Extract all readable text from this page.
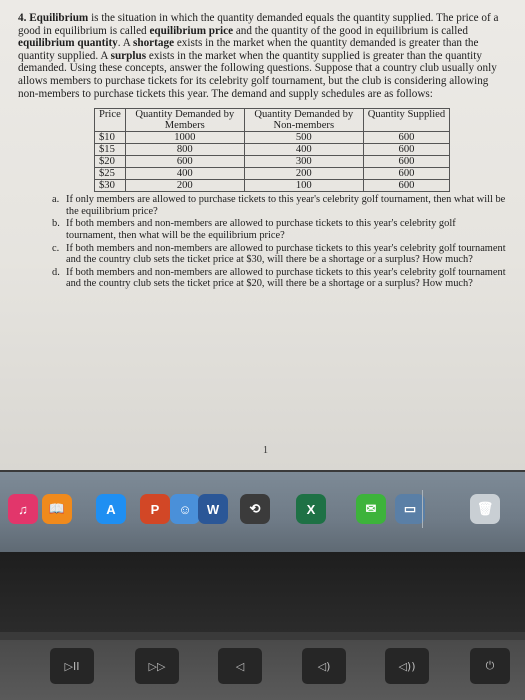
4. Equilibrium is the situation in which the quantity demanded equals the quantity supplied. The price of a good in equilibrium is called equilibrium price and the quantity of the good in equilibrium is called equilibrium quantity. A shortage exists in the market when the quantity demanded is greater than the quantity supplied. A surplus exists in the market when the quantity supplied is greater than the quantity demanded. Using these concepts, answer the following questions. Suppose that a country club usually only allows members to purchase tickets for its celebrity golf tournament, but the club is considering allowing non-members to purchase tickets this year. The demand and supply schedules are as follows:

Price	Quantity Demanded by Members	Quantity Demanded by Non-members	Quantity Supplied
$10	1000	500	600
$15	800	400	600
$20	600	300	600
$25	400	200	600
$30	200	100	600
a. If only members are allowed to purchase tickets to this year's celebrity golf tournament, then what will be the equilibrium price?
b. If both members and non-members are allowed to purchase tickets to this year's celebrity golf tournament, then what will be the equilibrium price?
c. If both members and non-members are allowed to purchase tickets to this year's celebrity golf tournament and the country club sets the ticket price at $30, will there be a shortage or a surplus? How much?
d. If both members and non-members are allowed to purchase tickets to this year's celebrity golf tournament and the country club sets the ticket price at $20, will there be a shortage or a surplus? How much?
1
♫	📖	A	P	☺	W	⟲	X	✉	▭	🗑
▷II	▷▷	◁	◁)	◁))	⏻
